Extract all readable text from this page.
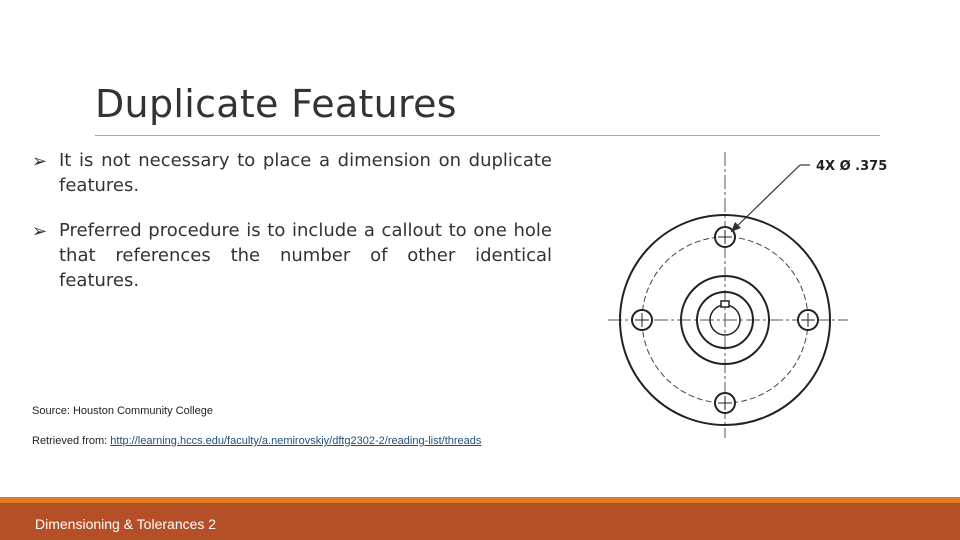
Duplicate Features
➢ It is not necessary to place a dimension on duplicate features.
➢ Preferred procedure is to include a callout to one hole that references the number of other identical features.
Source: Houston Community College
Retrieved from: http://learning.hccs.edu/faculty/a.nemirovskiy/dftg2302-2/reading-list/threads
4X Ø .375
Dimensioning & Tolerances 2
